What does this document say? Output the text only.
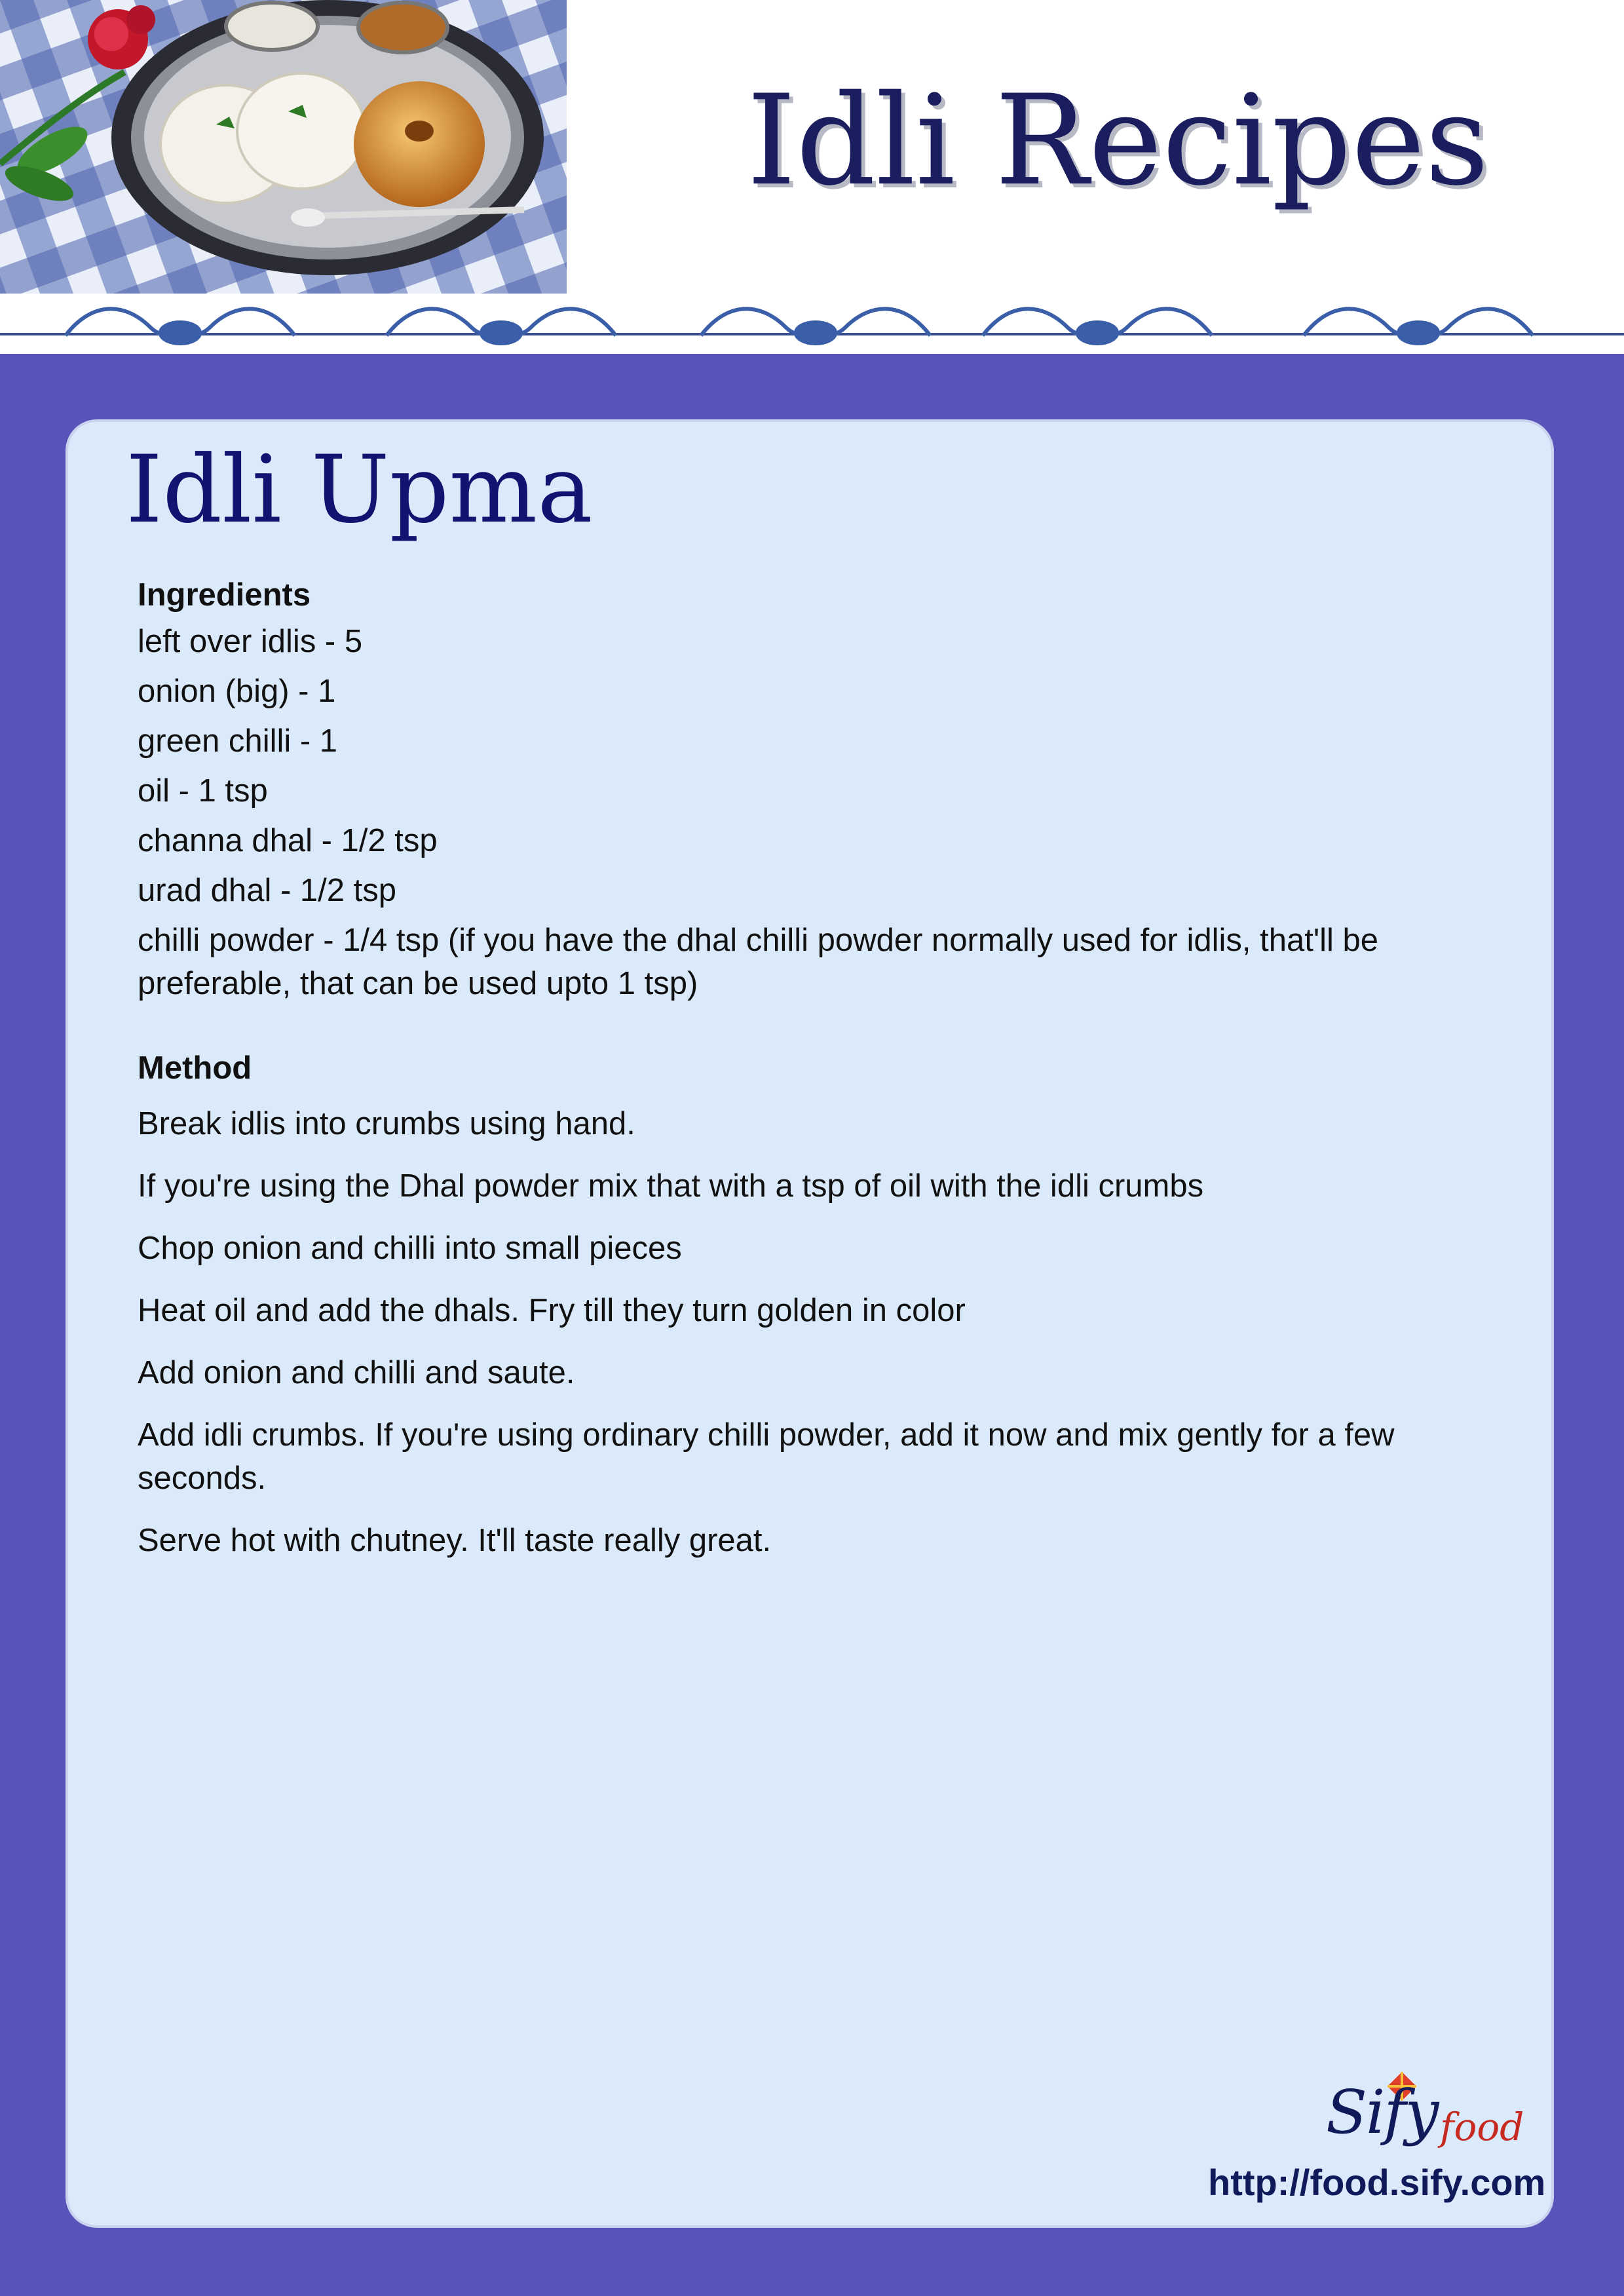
Idli Recipes
Idli Upma
Ingredients
left over idlis - 5
onion (big) - 1
green chilli - 1
oil - 1 tsp
channa dhal - 1/2 tsp
urad dhal - 1/2 tsp
chilli powder - 1/4 tsp (if you have the dhal chilli powder normally used for idlis, that'll be preferable, that can be used upto 1 tsp)
Method
Break idlis into crumbs using hand.
If you're using the Dhal powder mix that with a tsp of oil with the idli crumbs
Chop onion and chilli into small pieces
Heat oil and add the dhals. Fry till they turn golden in color
Add onion and chilli and saute.
Add idli crumbs. If you're using ordinary chilli powder, add it now and mix gently for a few seconds.
Serve hot with chutney. It'll taste really great.
Sify food
http://food.sify.com
